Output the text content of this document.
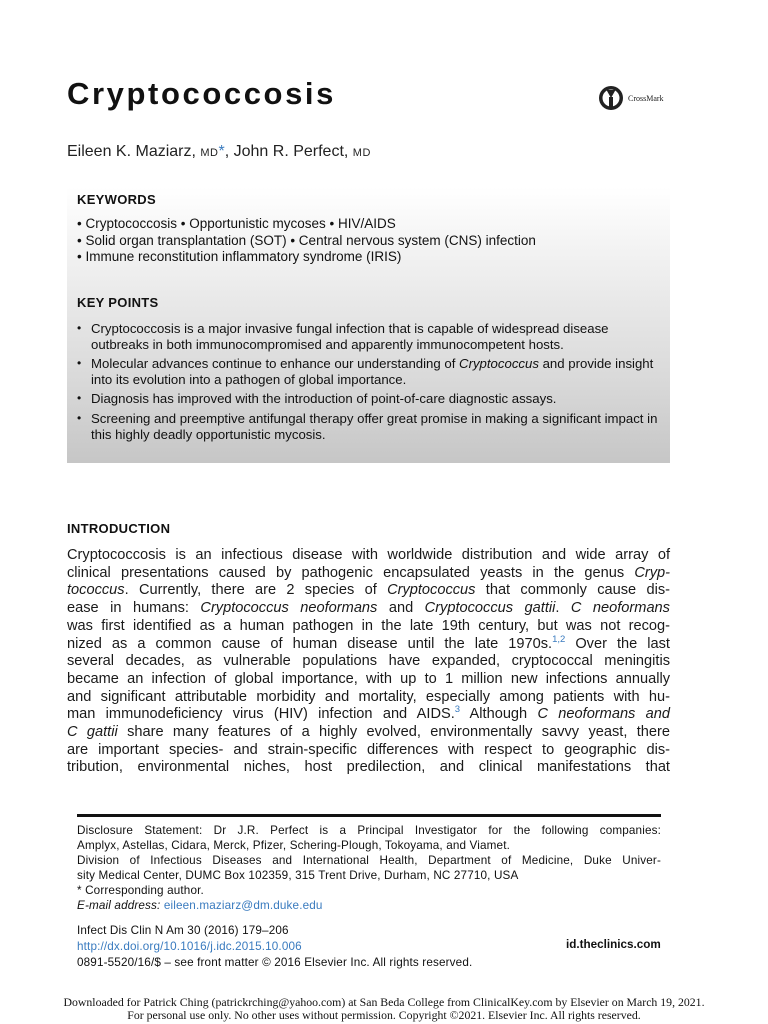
Cryptococcosis	CrossMark
Eileen K. Maziarz, MD*, John R. Perfect, MD
KEYWORDS
• Cryptococcosis • Opportunistic mycoses • HIV/AIDS
• Solid organ transplantation (SOT) • Central nervous system (CNS) infection
• Immune reconstitution inflammatory syndrome (IRIS)
KEY POINTS
• Cryptococcosis is a major invasive fungal infection that is capable of widespread disease outbreaks in both immunocompromised and apparently immunocompetent hosts.
• Molecular advances continue to enhance our understanding of Cryptococcus and provide insight into its evolution into a pathogen of global importance.
• Diagnosis has improved with the introduction of point-of-care diagnostic assays.
• Screening and preemptive antifungal therapy offer great promise in making a significant impact in this highly deadly opportunistic mycosis.
INTRODUCTION
Cryptococcosis is an infectious disease with worldwide distribution and wide array of
clinical presentations caused by pathogenic encapsulated yeasts in the genus Cryp-
tococcus. Currently, there are 2 species of Cryptococcus that commonly cause dis-
ease in humans: Cryptococcus neoformans and Cryptococcus gattii. C neoformans
was first identified as a human pathogen in the late 19th century, but was not recog-
nized as a common cause of human disease until the late 1970s.$^{1,2}$ Over the last
several decades, as vulnerable populations have expanded, cryptococcal meningitis
became an infection of global importance, with up to 1 million new infections annually
and significant attributable morbidity and mortality, especially among patients with hu-
man immunodeficiency virus (HIV) infection and AIDS.$^3$ Although C neoformans and
C gattii share many features of a highly evolved, environmentally savvy yeast, there
are important species- and strain-specific differences with respect to geographic dis-
tribution, environmental niches, host predilection, and clinical manifestations that
Disclosure Statement: Dr J.R. Perfect is a Principal Investigator for the following companies:
Amplyx, Astellas, Cidara, Merck, Pfizer, Schering-Plough, Tokoyama, and Viamet.
Division of Infectious Diseases and International Health, Department of Medicine, Duke Univer-
sity Medical Center, DUMC Box 102359, 315 Trent Drive, Durham, NC 27710, USA
* Corresponding author.
E-mail address: eileen.maziarz@dm.duke.edu
Infect Dis Clin N Am 30 (2016) 179–206
http://dx.doi.org/10.1016/j.idc.2015.10.006
0891-5520/16/$ – see front matter © 2016 Elsevier Inc. All rights reserved.
id.theclinics.com
Downloaded for Patrick Ching (patrickrching@yahoo.com) at San Beda College from ClinicalKey.com by Elsevier on March 19, 2021.
For personal use only. No other uses without permission. Copyright ©2021. Elsevier Inc. All rights reserved.
